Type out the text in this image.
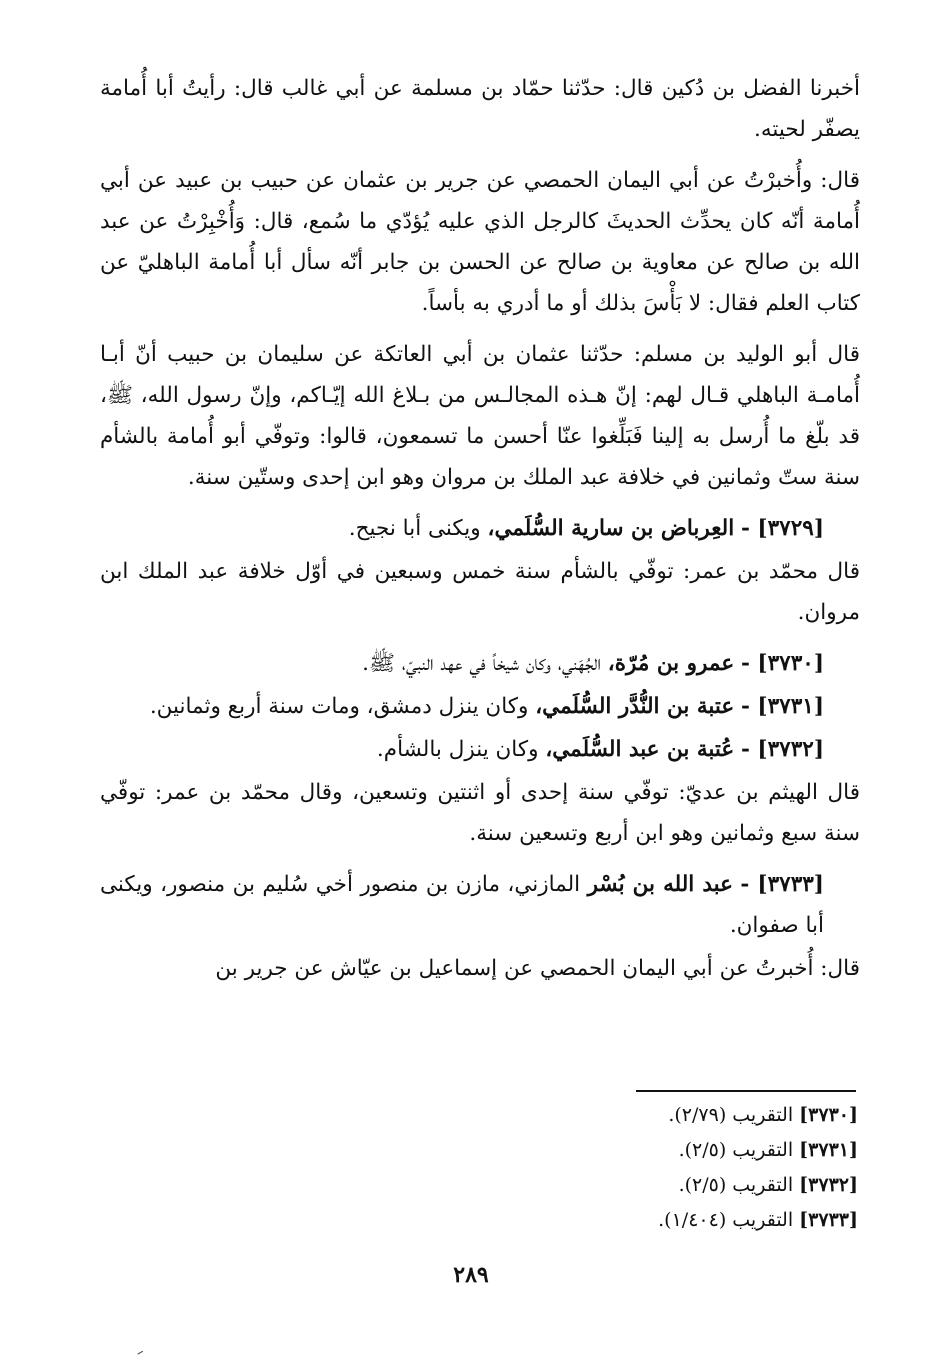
أخبرنا الفضل بن دُكين قال: حدّثنا حمّاد بن مسلمة عن أبي غالب قال: رأيتُ أبا أُمامة يصفّر لحيته.

قال: وأُخبرْتُ عن أبي اليمان الحمصي عن جرير بن عثمان عن حبيب بن عبيد عن أبي أُمامة أنّه كان يحدِّث الحديثَ كالرجل الذي عليه يُؤدّي ما سُمع، قال: وَأُخْبِرْتُ عن عبد الله بن صالح عن معاوية بن صالح عن الحسن بن جابر أنّه سأل أبا أُمامة الباهليّ عن كتاب العلم فقال: لا بَأْسَ بذلك أو ما أدري به بأساً.

قال أبو الوليد بن مسلم: حدّثنا عثمان بن أبي العاتكة عن سليمان بن حبيب أنّ أبـا أُمامـة الباهلي قـال لهم: إنّ هـذه المجالـس من بـلاغ الله إيّـاكم، وإنّ رسول الله، ﷺ، قد بلّغ ما أُرسل به إلينا فَبَلِّغوا عنّا أحسن ما تسمعون، قالوا: وتوفّي أبو أُمامة بالشأم سنة ستّ وثمانين في خلافة عبد الملك بن مروان وهو ابن إحدى وستّين سنة.

[٣٧٢٩] - العِرباض بن سارية السُّلَمي، ويكنى أبا نجيح.

قال محمّد بن عمر: توفّي بالشأم سنة خمس وسبعين في أوّل خلافة عبد الملك ابن مروان.

[٣٧٣٠] - عمرو بن مُرّة، الجُهَني، وكان شيخاً في عهد النبيّ، ﷺ.

[٣٧٣١] - عتبة بن النُّدَّر السُّلَمي، وكان ينزل دمشق، ومات سنة أربع وثمانين.

[٣٧٣٢] - عُتبة بن عبد السُّلَمي، وكان ينزل بالشأم.

قال الهيثم بن عديّ: توفّي سنة إحدى أو اثنتين وتسعين، وقال محمّد بن عمر: توفّي سنة سبع وثمانين وهو ابن أربع وتسعين سنة.

[٣٧٣٣] - عبد الله بن بُسْر المازني، مازن بن منصور أخي سُليم بن منصور، ويكنى أبا صفوان.

قال: أُخبرتُ عن أبي اليمان الحمصي عن إسماعيل بن عيّاش عن جرير بن

[٣٧٣٠] التقريب (٢/٧٩).
[٣٧٣١] التقريب (٢/٥).
[٣٧٣٢] التقريب (٢/٥).
[٣٧٣٣] التقريب (١/٤٠٤).
٢٨٩
